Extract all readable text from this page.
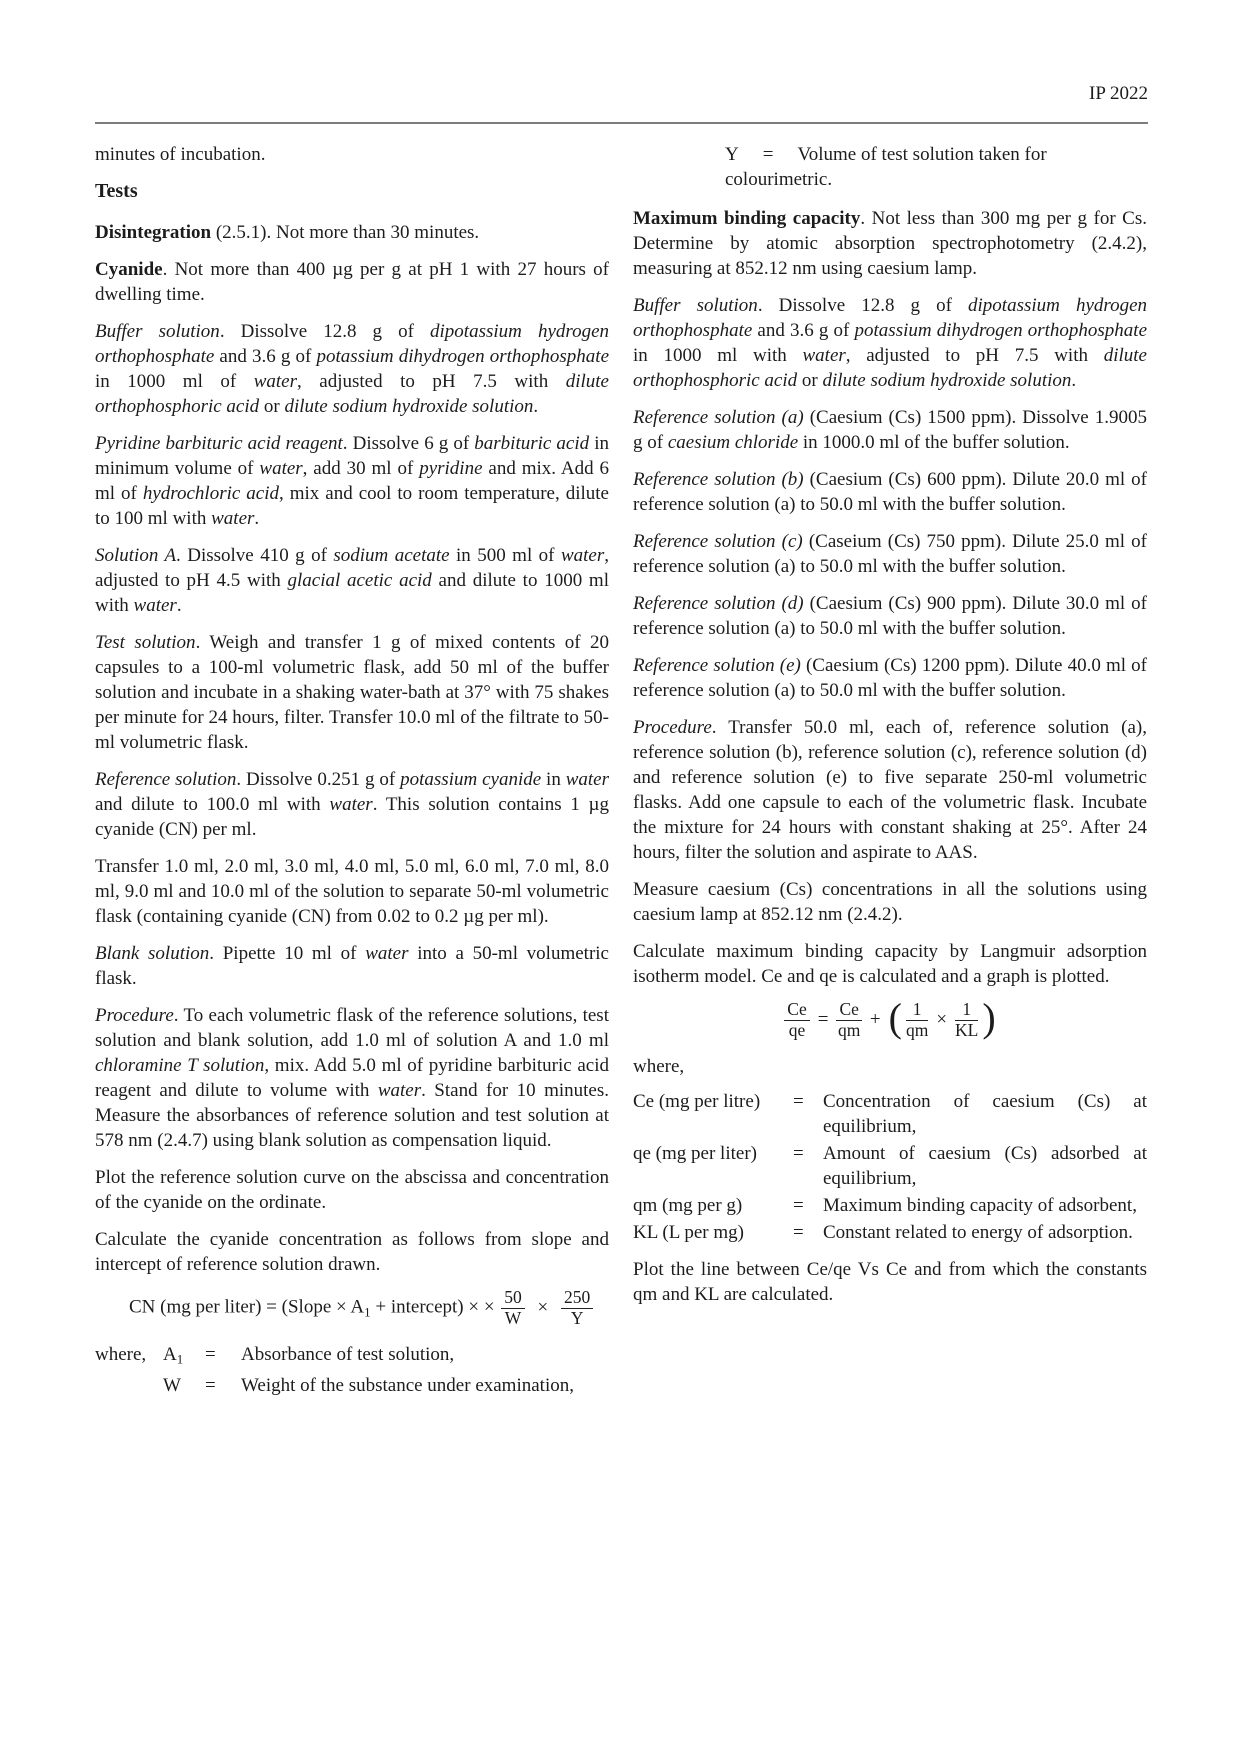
IP 2022

minutes of incubation.

Tests

Disintegration (2.5.1). Not more than 30 minutes.

Cyanide. Not more than 400 µg per g at pH 1 with 27 hours of dwelling time.

Buffer solution. Dissolve 12.8 g of dipotassium hydrogen orthophosphate and 3.6 g of potassium dihydrogen orthophosphate in 1000 ml of water, adjusted to pH 7.5 with dilute orthophosphoric acid or dilute sodium hydroxide solution.

Pyridine barbituric acid reagent. Dissolve 6 g of barbituric acid in minimum volume of water, add 30 ml of pyridine and mix. Add 6 ml of hydrochloric acid, mix and cool to room temperature, dilute to 100 ml with water.

Solution A. Dissolve 410 g of sodium acetate in 500 ml of water, adjusted to pH 4.5 with glacial acetic acid and dilute to 1000 ml with water.

Test solution. Weigh and transfer 1 g of mixed contents of 20 capsules to a 100-ml volumetric flask, add 50 ml of the buffer solution and incubate in a shaking water-bath at 37° with 75 shakes per minute for 24 hours, filter. Transfer 10.0 ml of the filtrate to 50-ml volumetric flask.

Reference solution. Dissolve 0.251 g of potassium cyanide in water and dilute to 100.0 ml with water. This solution contains 1 µg cyanide (CN) per ml.

Transfer 1.0 ml, 2.0 ml, 3.0 ml, 4.0 ml, 5.0 ml, 6.0 ml, 7.0 ml, 8.0 ml, 9.0 ml and 10.0 ml of the solution to separate 50-ml volumetric flask (containing cyanide (CN) from 0.02 to 0.2 µg per ml).

Blank solution. Pipette 10 ml of water into a 50-ml volumetric flask.

Procedure. To each volumetric flask of the reference solutions, test solution and blank solution, add 1.0 ml of solution A and 1.0 ml chloramine T solution, mix. Add 5.0 ml of pyridine barbituric acid reagent and dilute to volume with water. Stand for 10 minutes. Measure the absorbances of reference solution and test solution at 578 nm (2.4.7) using blank solution as compensation liquid.

Plot the reference solution curve on the abscissa and concentration of the cyanide on the ordinate.

Calculate the cyanide concentration as follows from slope and intercept of reference solution drawn.

CN (mg per liter) = (Slope × $A_1$ + intercept) × × $\frac{50}{W} \times \frac{250}{Y}$
where, $A_1$	=	Absorbance of test solution,
W	=	Weight of the substance under examination,
Y = Volume of test solution taken for colourimetric.

Maximum binding capacity. Not less than 300 mg per g for Cs. Determine by atomic absorption spectrophotometry (2.4.2), measuring at 852.12 nm using caesium lamp.

Buffer solution. Dissolve 12.8 g of dipotassium hydrogen orthophosphate and 3.6 g of potassium dihydrogen orthophosphate in 1000 ml with water, adjusted to pH 7.5 with dilute orthophosphoric acid or dilute sodium hydroxide solution.

Reference solution (a) (Caesium (Cs) 1500 ppm). Dissolve 1.9005 g of caesium chloride in 1000.0 ml of the buffer solution.

Reference solution (b) (Caesium (Cs) 600 ppm). Dilute 20.0 ml of reference solution (a) to 50.0 ml with the buffer solution.

Reference solution (c) (Caseium (Cs) 750 ppm). Dilute 25.0 ml of reference solution (a) to 50.0 ml with the buffer solution.

Reference solution (d) (Caesium (Cs) 900 ppm). Dilute 30.0 ml of reference solution (a) to 50.0 ml with the buffer solution.

Reference solution (e) (Caesium (Cs) 1200 ppm). Dilute 40.0 ml of reference solution (a) to 50.0 ml with the buffer solution.

Procedure. Transfer 50.0 ml, each of, reference solution (a), reference solution (b), reference solution (c), reference solution (d) and reference solution (e) to five separate 250-ml volumetric flasks. Add one capsule to each of the volumetric flask. Incubate the mixture for 24 hours with constant shaking at 25°. After 24 hours, filter the solution and aspirate to AAS.

Measure caesium (Cs) concentrations in all the solutions using caesium lamp at 852.12 nm (2.4.2).

Calculate maximum binding capacity by Langmuir adsorption isotherm model. Ce and qe is calculated and a graph is plotted.

$\frac{Ce}{qe} = \frac{Ce}{qm}$ + ( $\frac{1}{qm} \times \frac{1}{KL}$ )

where,

Ce (mg per litre)	=	Concentration of caesium (Cs) at equilibrium,
qe (mg per liter)	=	Amount of caesium (Cs) adsorbed at equilibrium,
qm (mg per g)	=	Maximum binding capacity of adsorbent,
KL (L per mg)	=	Constant related to energy of adsorption.

Plot the line between Ce/qe Vs Ce and from which the constants qm and KL are calculated.
